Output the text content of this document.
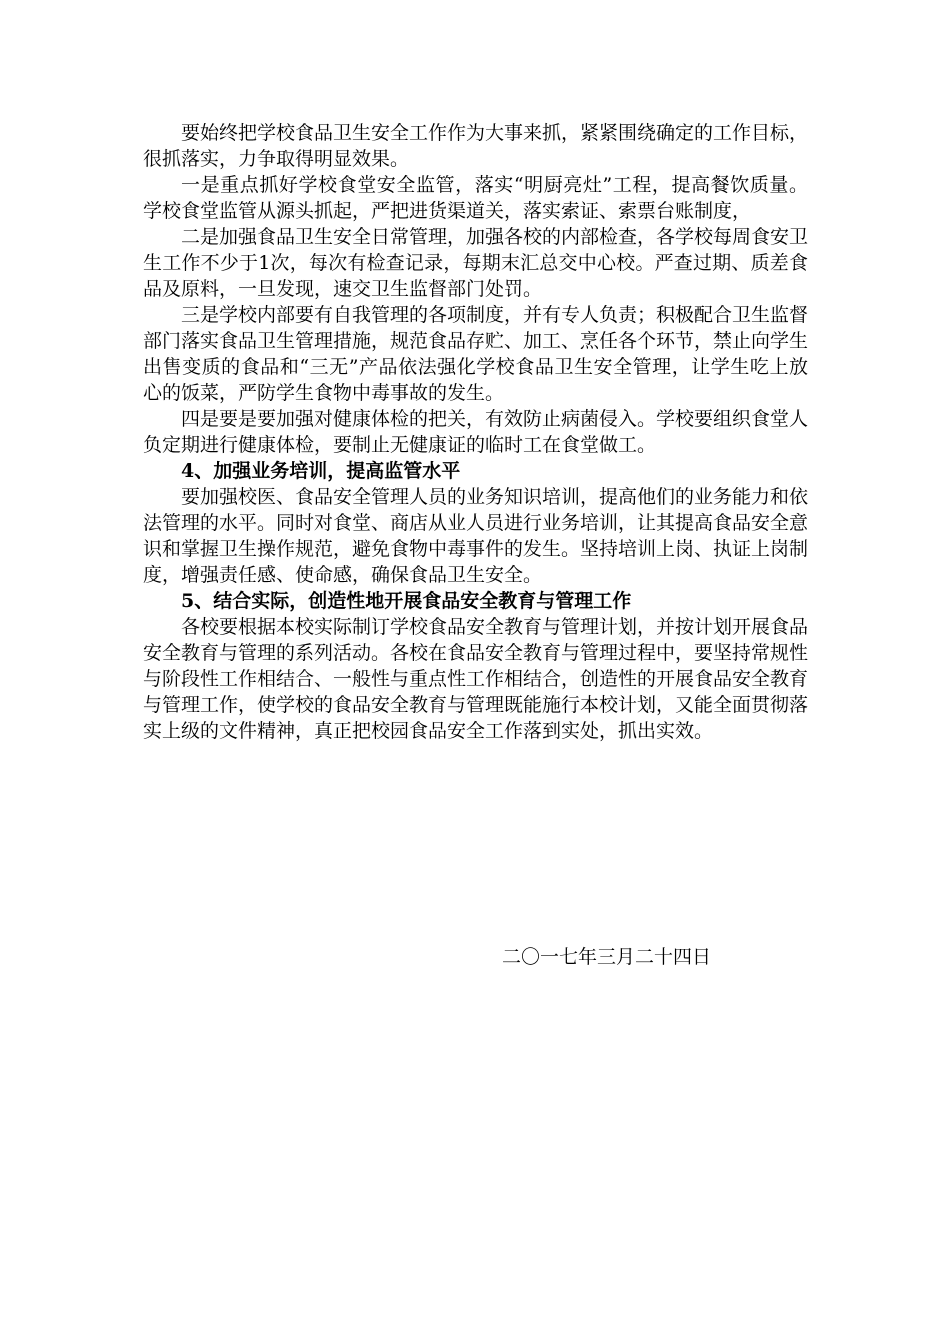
要始终把学校食品卫生安全工作作为大事来抓，紧紧围绕确定的工作目标，很抓落实，力争取得明显效果。

一是重点抓好学校食堂安全监管，落实“明厨亮灶”工程，提高餐饮质量。学校食堂监管从源头抓起，严把进货渠道关，落实索证、索票台账制度，

二是加强食品卫生安全日常管理，加强各校的内部检查，各学校每周食安卫生工作不少于1次，每次有检查记录，每期末汇总交中心校。严查过期、质差食品及原料，一旦发现，速交卫生监督部门处罚。

三是学校内部要有自我管理的各项制度，并有专人负责；积极配合卫生监督部门落实食品卫生管理措施，规范食品存贮、加工、烹任各个环节，禁止向学生出售变质的食品和“三无”产品依法强化学校食品卫生安全管理，让学生吃上放心的饭菜，严防学生食物中毒事故的发生。

四是要是要加强对健康体检的把关，有效防止病菌侵入。学校要组织食堂人负定期进行健康体检，要制止无健康证的临时工在食堂做工。

4、加强业务培训，提高监管水平

要加强校医、食品安全管理人员的业务知识培训，提高他们的业务能力和依法管理的水平。同时对食堂、商店从业人员进行业务培训，让其提高食品安全意识和掌握卫生操作规范，避免食物中毒事件的发生。坚持培训上岗、执证上岗制度，增强责任感、使命感，确保食品卫生安全。

5、结合实际，创造性地开展食品安全教育与管理工作

各校要根据本校实际制订学校食品安全教育与管理计划，并按计划开展食品安全教育与管理的系列活动。各校在食品安全教育与管理过程中，要坚持常规性与阶段性工作相结合、一般性与重点性工作相结合，创造性的开展食品安全教育与管理工作，使学校的食品安全教育与管理既能施行本校计划，又能全面贯彻落实上级的文件精神，真正把校园食品安全工作落到实处，抓出实效。

二〇一七年三月二十四日
